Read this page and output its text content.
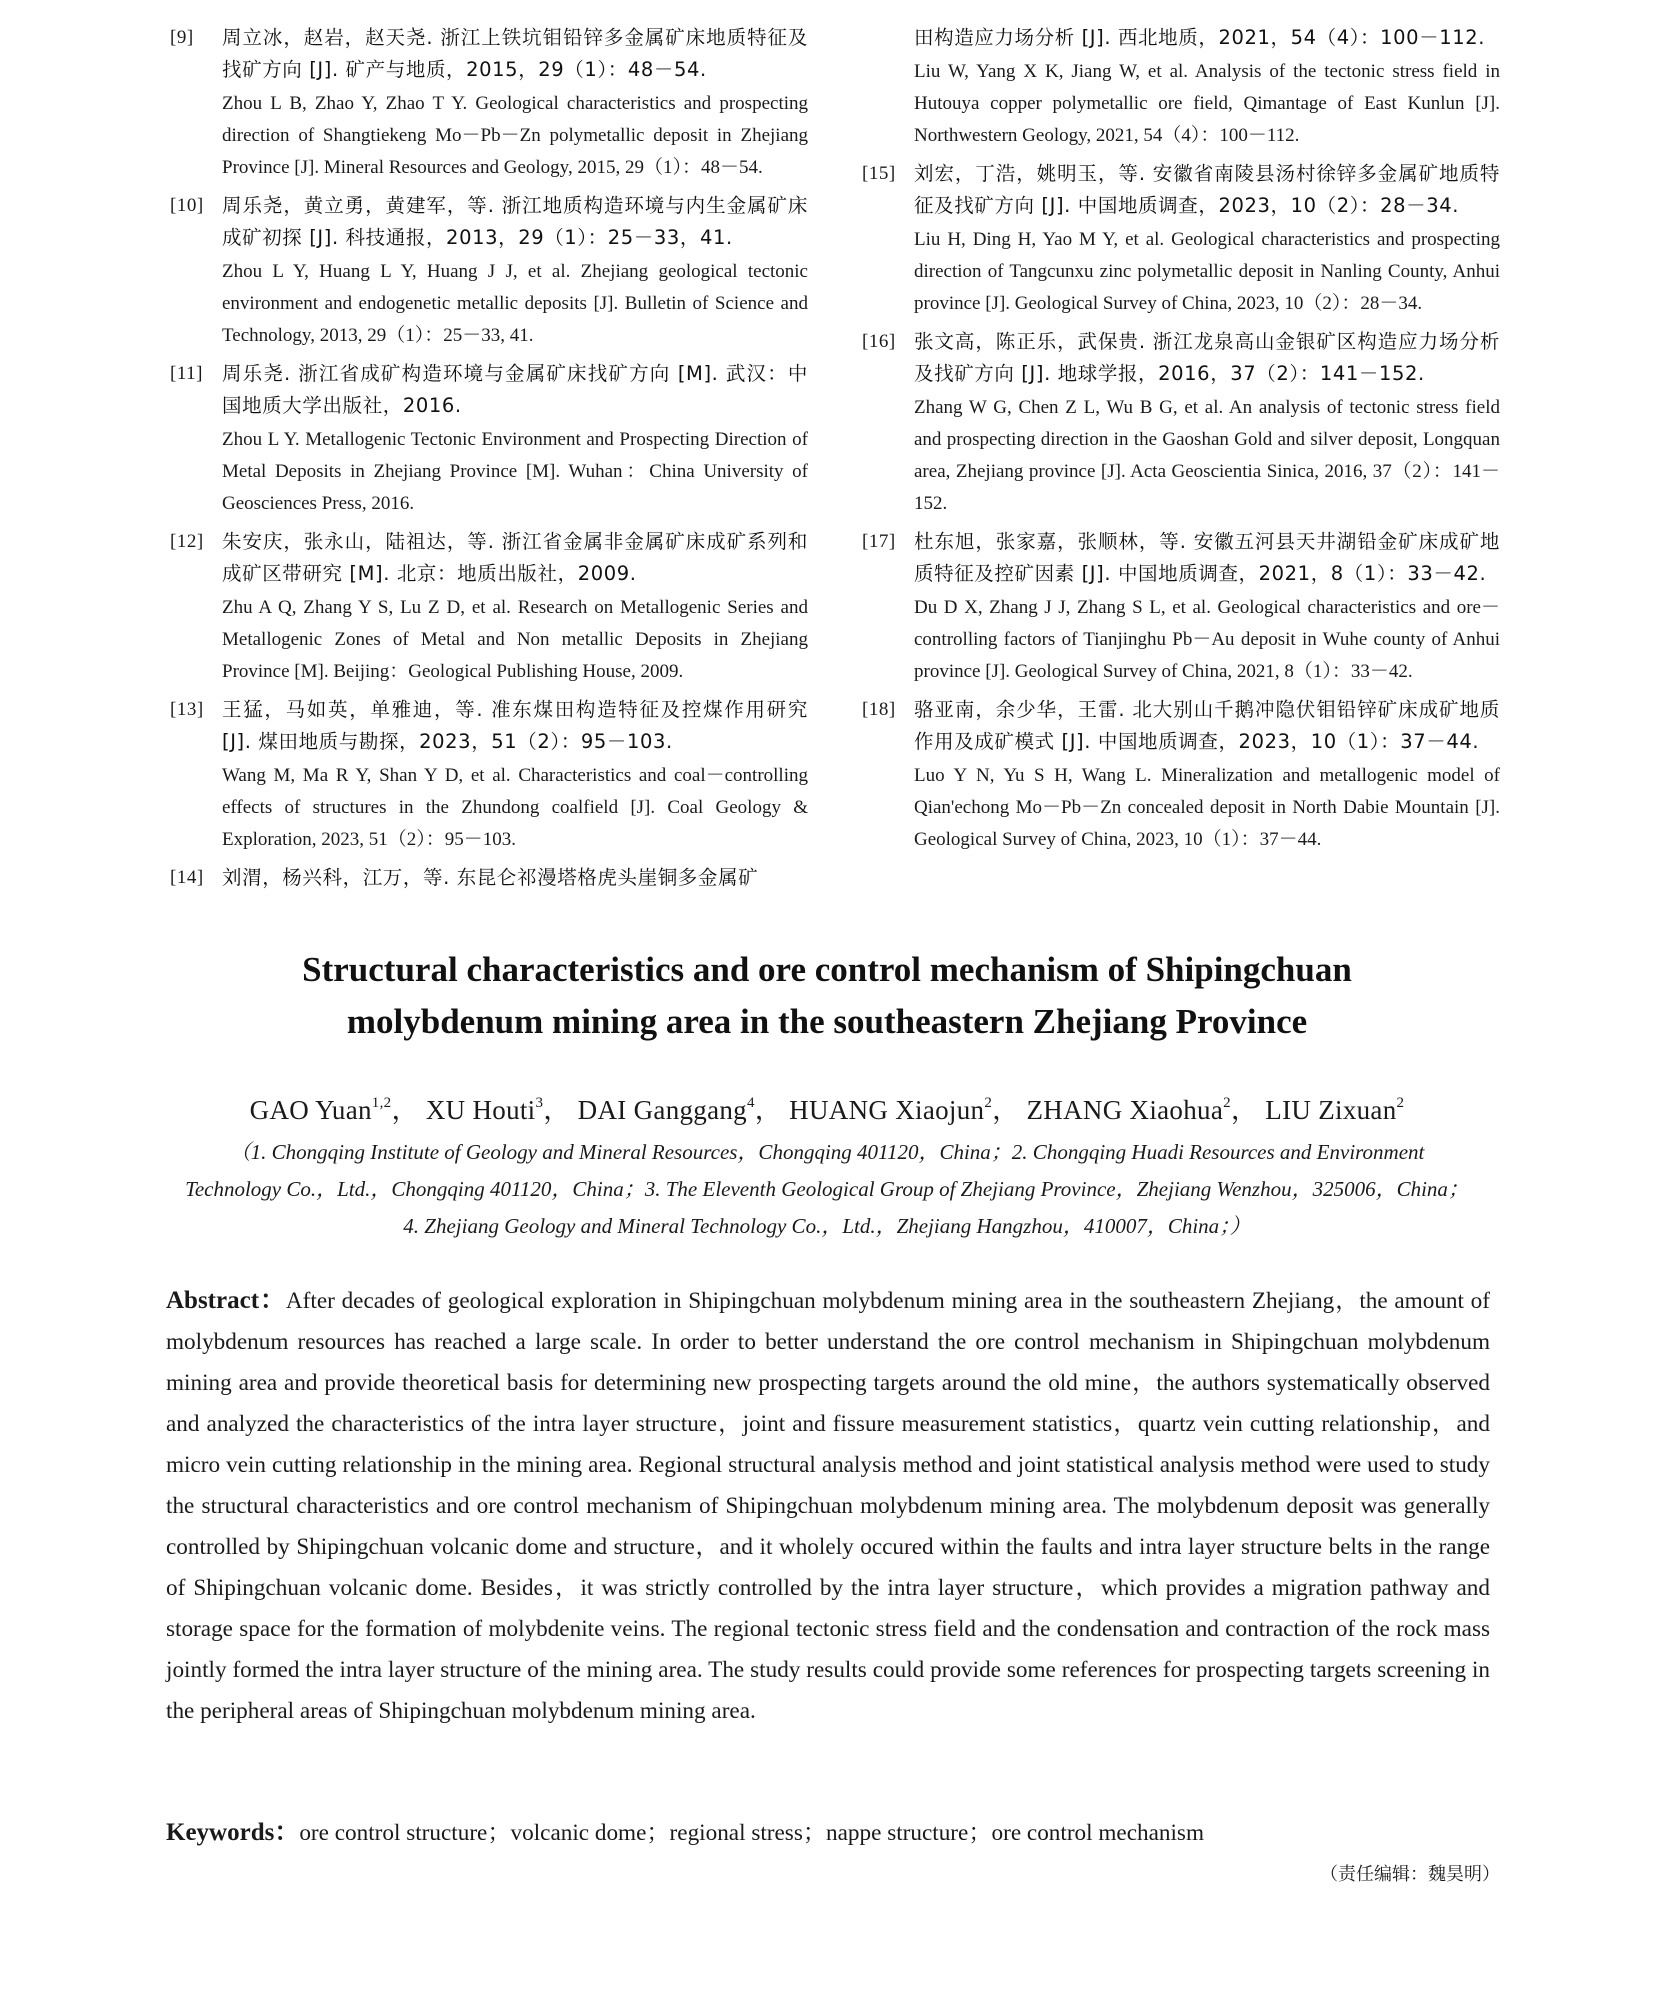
[9] 周立冰，赵岩，赵天尧. 浙江上铁坑钼铅锌多金属矿床地质特征及找矿方向 [J]. 矿产与地质，2015，29（1）：48－54.
Zhou L B, Zhao Y, Zhao T Y. Geological characteristics and prospecting direction of Shangtiekeng Mo－Pb－Zn polymetallic deposit in Zhejiang Province [J]. Mineral Resources and Geology, 2015, 29（1）：48－54.
[10] 周乐尧，黄立勇，黄建军，等. 浙江地质构造环境与内生金属矿床成矿初探 [J]. 科技通报，2013，29（1）：25－33，41.
Zhou L Y, Huang L Y, Huang J J, et al. Zhejiang geological tectonic environment and endogenetic metallic deposits [J]. Bulletin of Science and Technology, 2013, 29（1）：25－33, 41.
[11] 周乐尧. 浙江省成矿构造环境与金属矿床找矿方向 [M]. 武汉：中国地质大学出版社，2016.
Zhou L Y. Metallogenic Tectonic Environment and Prospecting Direction of Metal Deposits in Zhejiang Province [M]. Wuhan：China University of Geosciences Press, 2016.
[12] 朱安庆，张永山，陆祖达，等. 浙江省金属非金属矿床成矿系列和成矿区带研究 [M]. 北京：地质出版社，2009.
Zhu A Q, Zhang Y S, Lu Z D, et al. Research on Metallogenic Series and Metallogenic Zones of Metal and Non metallic Deposits in Zhejiang Province [M]. Beijing：Geological Publishing House, 2009.
[13] 王猛，马如英，单雅迪，等. 准东煤田构造特征及控煤作用研究 [J]. 煤田地质与勘探，2023，51（2）：95－103.
Wang M, Ma R Y, Shan Y D, et al. Characteristics and coal－controlling effects of structures in the Zhundong coalfield [J]. Coal Geology & Exploration, 2023, 51（2）：95－103.
[14] 刘渭，杨兴科，江万，等. 东昆仑祁漫塔格虎头崖铜多金属矿
田构造应力场分析 [J]. 西北地质，2021，54（4）：100－112.
Liu W, Yang X K, Jiang W, et al. Analysis of the tectonic stress field in Hutouya copper polymetallic ore field, Qimantage of East Kunlun [J]. Northwestern Geology, 2021, 54（4）：100－112.
[15] 刘宏，丁浩，姚明玉，等. 安徽省南陵县汤村徐锌多金属矿地质特征及找矿方向 [J]. 中国地质调查，2023，10（2）：28－34.
Liu H, Ding H, Yao M Y, et al. Geological characteristics and prospecting direction of Tangcunxu zinc polymetallic deposit in Nanling County, Anhui province [J]. Geological Survey of China, 2023, 10（2）：28－34.
[16] 张文高，陈正乐，武保贵. 浙江龙泉高山金银矿区构造应力场分析及找矿方向 [J]. 地球学报，2016，37（2）：141－152.
Zhang W G, Chen Z L, Wu B G, et al. An analysis of tectonic stress field and prospecting direction in the Gaoshan Gold and silver deposit, Longquan area, Zhejiang province [J]. Acta Geoscientia Sinica, 2016, 37（2）：141－152.
[17] 杜东旭，张家嘉，张顺林，等. 安徽五河县天井湖铅金矿床成矿地质特征及控矿因素 [J]. 中国地质调查，2021，8（1）：33－42.
Du D X, Zhang J J, Zhang S L, et al. Geological characteristics and ore－controlling factors of Tianjinghu Pb－Au deposit in Wuhe county of Anhui province [J]. Geological Survey of China, 2021, 8（1）：33－42.
[18] 骆亚南，余少华，王雷. 北大别山千鹅冲隐伏钼铅锌矿床成矿地质作用及成矿模式 [J]. 中国地质调查，2023，10（1）：37－44.
Luo Y N, Yu S H, Wang L. Mineralization and metallogenic model of Qian'echong Mo－Pb－Zn concealed deposit in North Dabie Mountain [J]. Geological Survey of China, 2023, 10（1）：37－44.
Structural characteristics and ore control mechanism of Shipingchuan
molybdenum mining area in the southeastern Zhejiang Province
GAO Yuan$^{1,2}$， XU Houti$^3$， DAI Ganggang$^4$， HUANG Xiaojun$^2$， ZHANG Xiaohua$^2$， LIU Zixuan$^2$
（1. Chongqing Institute of Geology and Mineral Resources，Chongqing 401120，China；2. Chongqing Huadi Resources and Environment Technology Co.，Ltd.，Chongqing 401120，China；3. The Eleventh Geological Group of Zhejiang Province，Zhejiang Wenzhou，325006，China；4. Zhejiang Geology and Mineral Technology Co.，Ltd.，Zhejiang Hangzhou，410007，China；）
Abstract：After decades of geological exploration in Shipingchuan molybdenum mining area in the southeastern Zhejiang，the amount of molybdenum resources has reached a large scale. In order to better understand the ore control mechanism in Shipingchuan molybdenum mining area and provide theoretical basis for determining new prospecting targets around the old mine，the authors systematically observed and analyzed the characteristics of the intra layer structure，joint and fissure measurement statistics，quartz vein cutting relationship，and micro vein cutting relationship in the mining area. Regional structural analysis method and joint statistical analysis method were used to study the structural characteristics and ore control mechanism of Shipingchuan molybdenum mining area. The molybdenum deposit was generally controlled by Shipingchuan volcanic dome and structure，and it wholely occured within the faults and intra layer structure belts in the range of Shipingchuan volcanic dome. Besides，it was strictly controlled by the intra layer structure，which provides a migration pathway and storage space for the formation of molybdenite veins. The regional tectonic stress field and the condensation and contraction of the rock mass jointly formed the intra layer structure of the mining area. The study results could provide some references for prospecting targets screening in the peripheral areas of Shipingchuan molybdenum mining area.
Keywords：ore control structure；volcanic dome；regional stress；nappe structure；ore control mechanism
（责任编辑：魏昊明）
